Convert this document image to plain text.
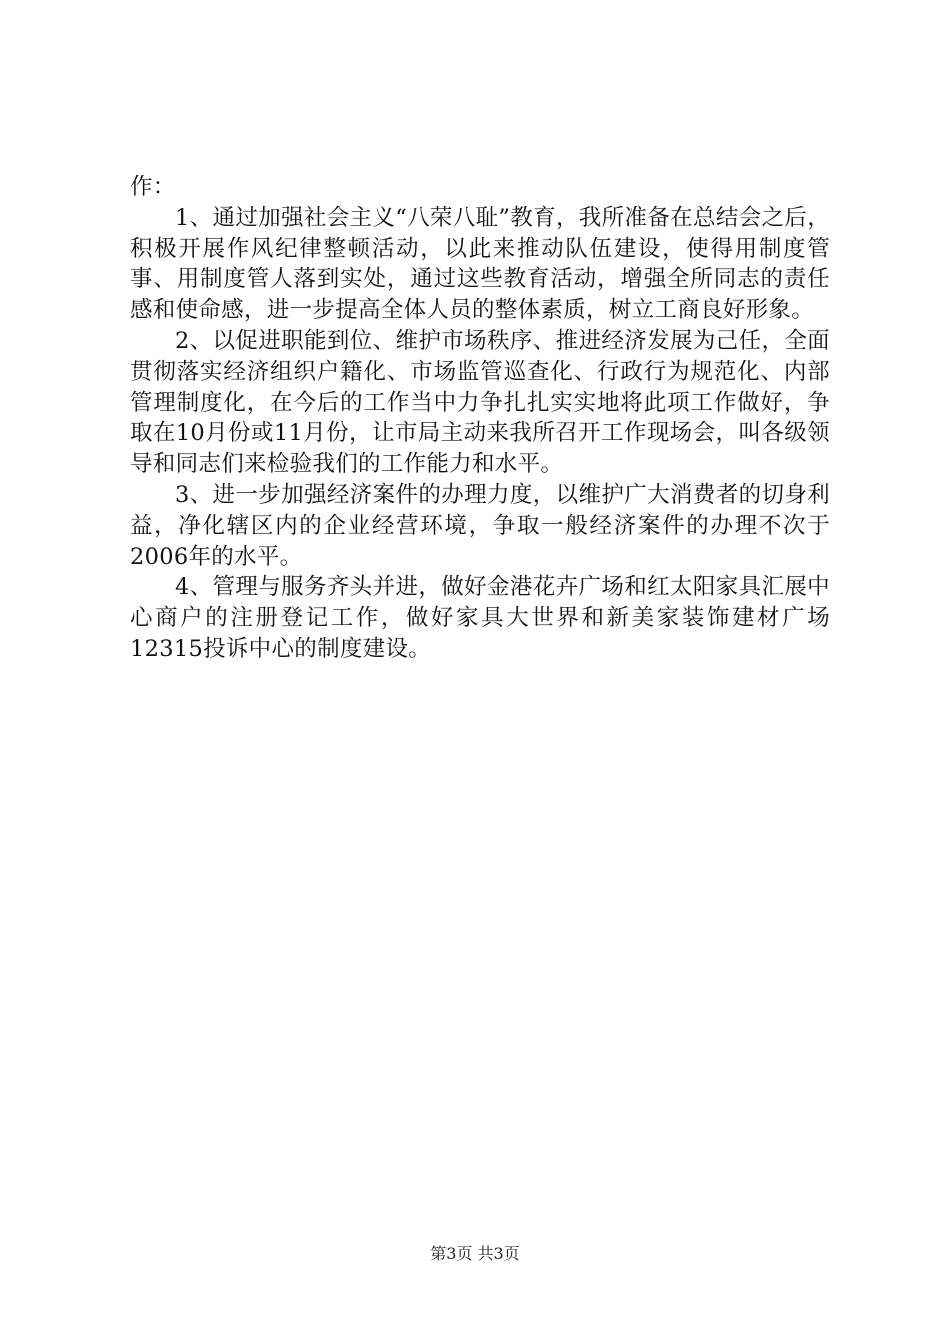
作：

1、通过加强社会主义“八荣八耻”教育，我所准备在总结会之后，积极开展作风纪律整顿活动，以此来推动队伍建设，使得用制度管事、用制度管人落到实处，通过这些教育活动，增强全所同志的责任感和使命感，进一步提高全体人员的整体素质，树立工商良好形象。

2、以促进职能到位、维护市场秩序、推进经济发展为己任，全面贯彻落实经济组织户籍化、市场监管巡查化、行政行为规范化、内部管理制度化，在今后的工作当中力争扎扎实实地将此项工作做好，争取在10月份或11月份，让市局主动来我所召开工作现场会，叫各级领导和同志们来检验我们的工作能力和水平。

3、进一步加强经济案件的办理力度，以维护广大消费者的切身利益，净化辖区内的企业经营环境，争取一般经济案件的办理不次于2006年的水平。

4、管理与服务齐头并进，做好金港花卉广场和红太阳家具汇展中心商户的注册登记工作，做好家具大世界和新美家装饰建材广场12315投诉中心的制度建设。

第3页 共3页
